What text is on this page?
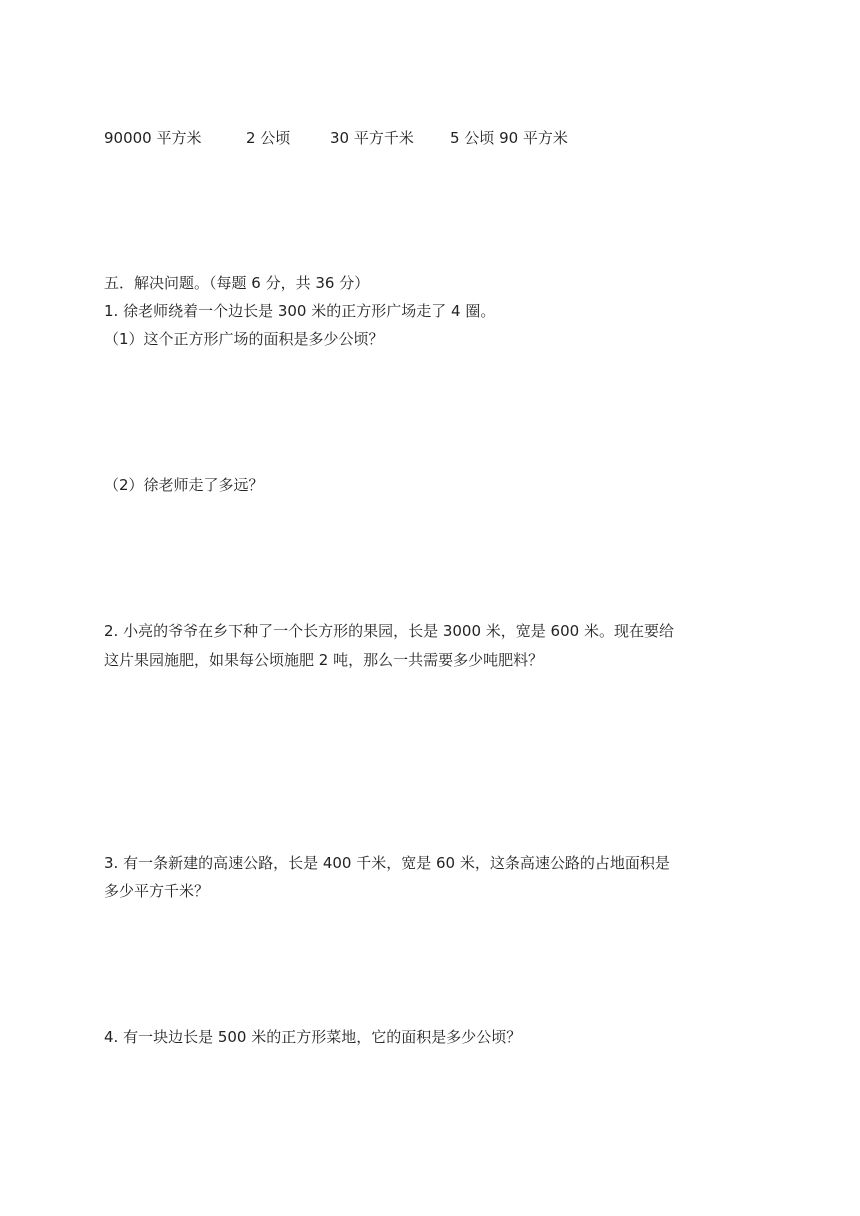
90000 平方米	2 公顷	30 平方千米 5 公顷 90 平方米
五．解决问题。（每题 6 分，共 36 分）
1. 徐老师绕着一个边长是 300 米的正方形广场走了 4 圈。
（1）这个正方形广场的面积是多少公顷？
（2）徐老师走了多远？
2. 小亮的爷爷在乡下种了一个长方形的果园，长是 3000 米，宽是 600 米。现在要给
这片果园施肥，如果每公顷施肥 2 吨，那么一共需要多少吨肥料？
3. 有一条新建的高速公路，长是 400 千米，宽是 60 米，这条高速公路的占地面积是
多少平方千米？
4. 有一块边长是 500 米的正方形菜地，它的面积是多少公顷？
